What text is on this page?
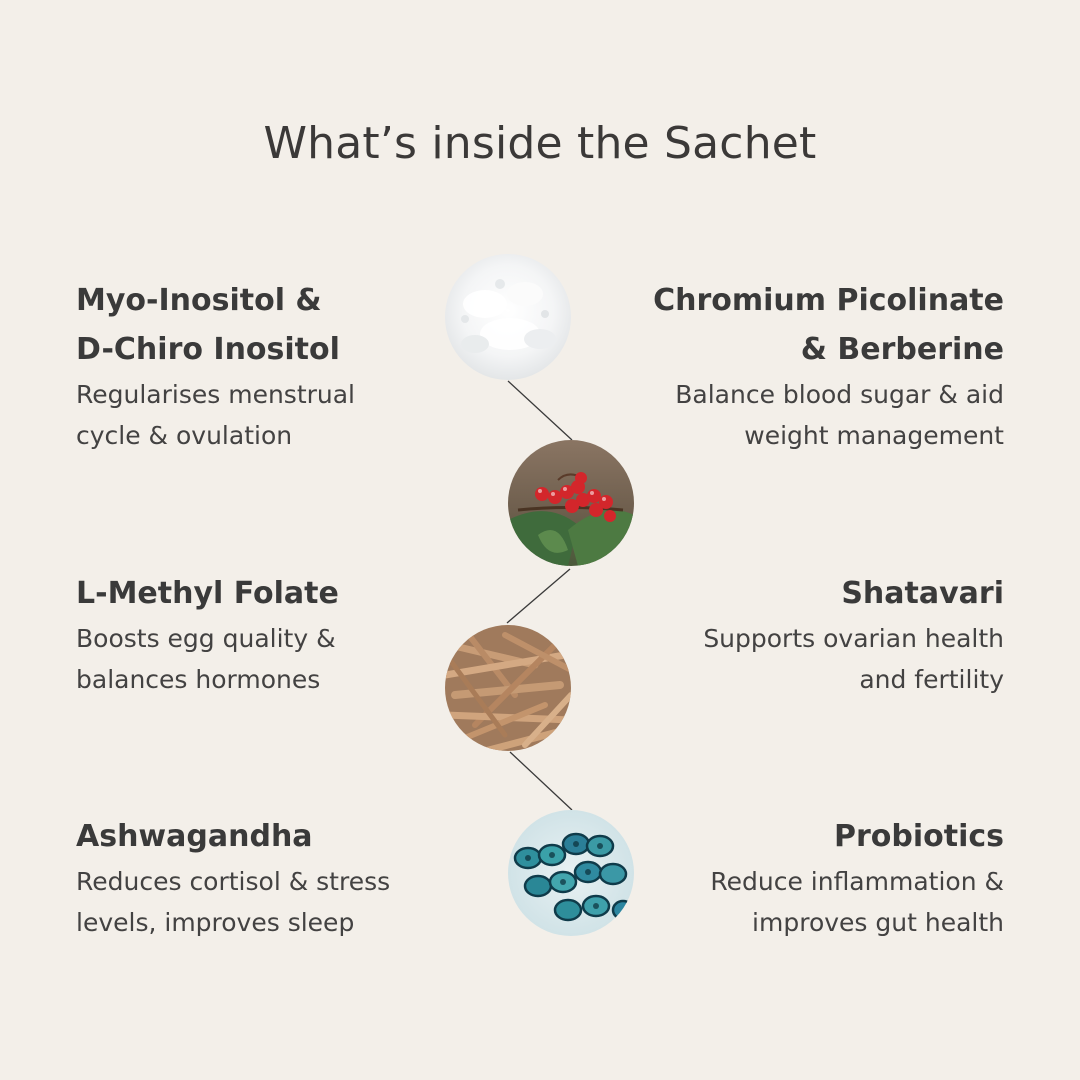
What’s inside the Sachet

Myo-Inositol &
D-Chiro Inositol

Regularises menstrual
cycle & ovulation

Chromium Picolinate
& Berberine

Balance blood sugar & aid
weight management

L-Methyl Folate

Boosts egg quality &
balances hormones

Shatavari

Supports ovarian health
and fertility

Ashwagandha

Reduces cortisol & stress
levels, improves sleep

Probiotics

Reduce inflammation &
improves gut health
